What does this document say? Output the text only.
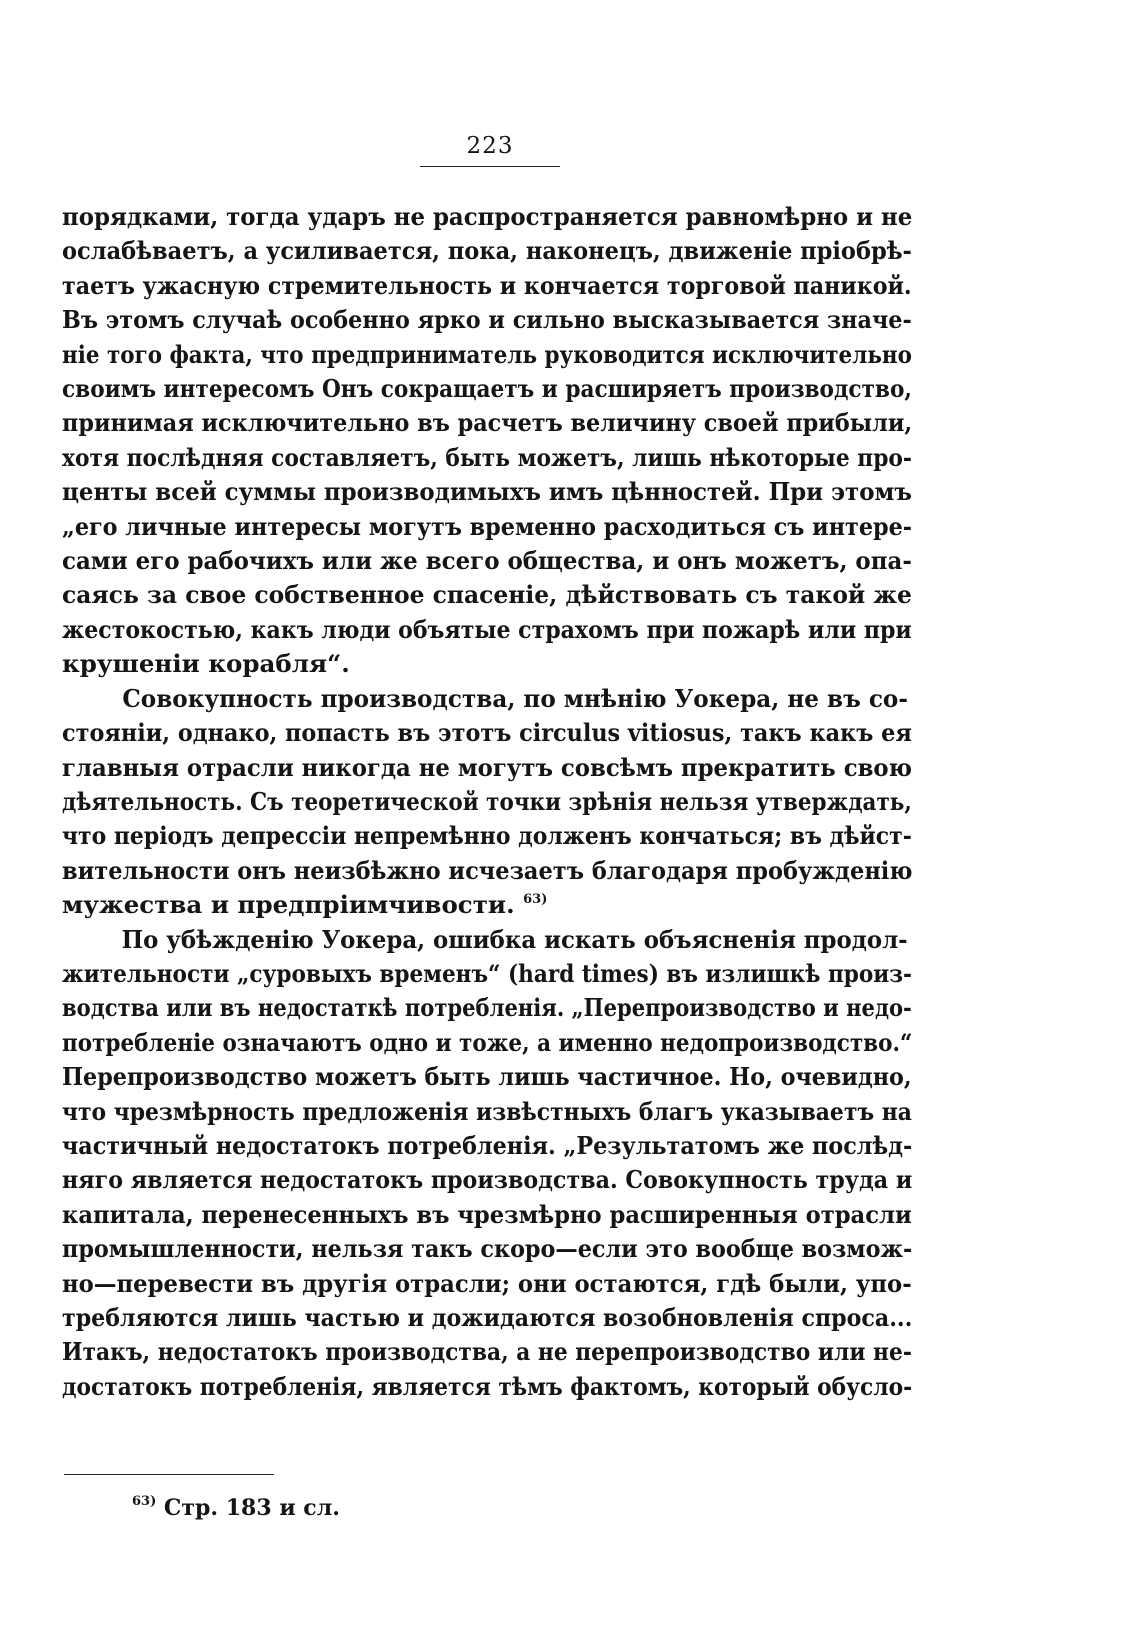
223
порядками, тогда ударъ не распространяется равномѣрно и не
ослабѣваетъ, а усиливается, пока, наконецъ, движенiе прiобрѣ-
таетъ ужасную стремительность и кончается торговой паникой.
Въ этомъ случаѣ особенно ярко и сильно высказывается значе-
нiе того факта, что предприниматель руководится исключительно
своимъ интересомъ Онъ сокращаетъ и расширяетъ производство,
принимая исключительно въ расчетъ величину своей прибыли,
хотя послѣдняя составляетъ, быть можетъ, лишь нѣкоторые про-
центы всей суммы производимыхъ имъ цѣнностей. При этомъ
„его личные интересы могутъ временно расходиться съ интере-
сами его рабочихъ или же всего общества, и онъ можетъ, опа-
саясь за свое собственное спасенiе, дѣйствовать съ такой же
жестокостью, какъ люди объятые страхомъ при пожарѣ или при
крушенiи корабля“.
Совокупность производства, по мнѣнiю Уокера, не въ со-
стоянiи, однако, попасть въ этотъ circulus vitiosus, такъ какъ ея
главныя отрасли никогда не могутъ совсѣмъ прекратить свою
дѣятельность. Съ теоретической точки зрѣнiя нельзя утверждать,
что перiодъ депрессiи непремѣнно долженъ кончаться; въ дѣйст-
вительности онъ неизбѣжно исчезаетъ благодаря пробужденiю
мужества и предпрiимчивости. $^{63)}$
По убѣжденiю Уокера, ошибка искать объясненiя продол-
жительности „суровыхъ временъ“ (hard times) въ излишкѣ произ-
водства или въ недостаткѣ потребленiя. „Перепроизводство и недо-
потребленiе означаютъ одно и тоже, а именно недопроизводство.“
Перепроизводство можетъ быть лишь частичное. Но, очевидно,
что чрезмѣрность предложенiя извѣстныхъ благъ указываетъ на
частичный недостатокъ потребленiя. „Результатомъ же послѣд-
няго является недостатокъ производства. Совокупность труда и
капитала, перенесенныхъ въ чрезмѣрно расширенныя отрасли
промышленности, нельзя такъ скоро—если это вообще возмож-
но—перевести въ другiя отрасли; они остаются, гдѣ были, упо-
требляются лишь частью и дожидаются возобновленiя спроса...
Итакъ, недостатокъ производства, а не перепроизводство или не-
достатокъ потребленiя, является тѣмъ фактомъ, который обусло-
$^{63)}$ Стр. 183 и сл.
